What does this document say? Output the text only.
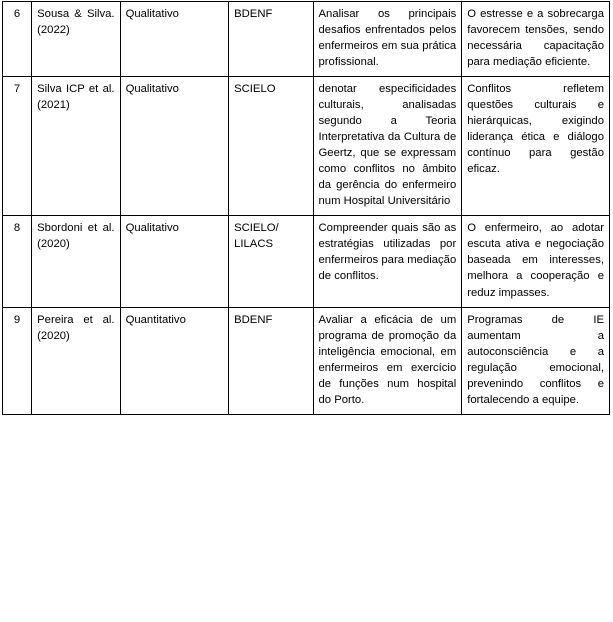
6	Sousa & Silva. (2022)	Qualitativo	BDENF	Analisar os principais desafios enfrentados pelos enfermeiros em sua prática profissional.	O estresse e a sobrecarga favorecem tensões, sendo necessária capacitação para mediação eficiente.
7	Silva ICP et al. (2021)	Qualitativo	SCIELO	denotar especificidades culturais, analisadas segundo a Teoria Interpretativa da Cultura de Geertz, que se expressam como conflitos no âmbito da gerência do enfermeiro num Hospital Universitário	Conflitos refletem questões culturais e hierárquicas, exigindo liderança ética e diálogo contínuo para gestão eficaz.
8	Sbordoni et al. (2020)	Qualitativo	SCIELO/ LILACS	Compreender quais são as estratégias utilizadas por enfermeiros para mediação de conflitos.	O enfermeiro, ao adotar escuta ativa e negociação baseada em interesses, melhora a cooperação e reduz impasses.
9	Pereira et al. (2020)	Quantitativo	BDENF	Avaliar a eficácia de um programa de promoção da inteligência emocional, em enfermeiros em exercício de funções num hospital do Porto.	Programas de IE aumentam a autoconsciência e a regulação emocional, prevenindo conflitos e fortalecendo a equipe.
